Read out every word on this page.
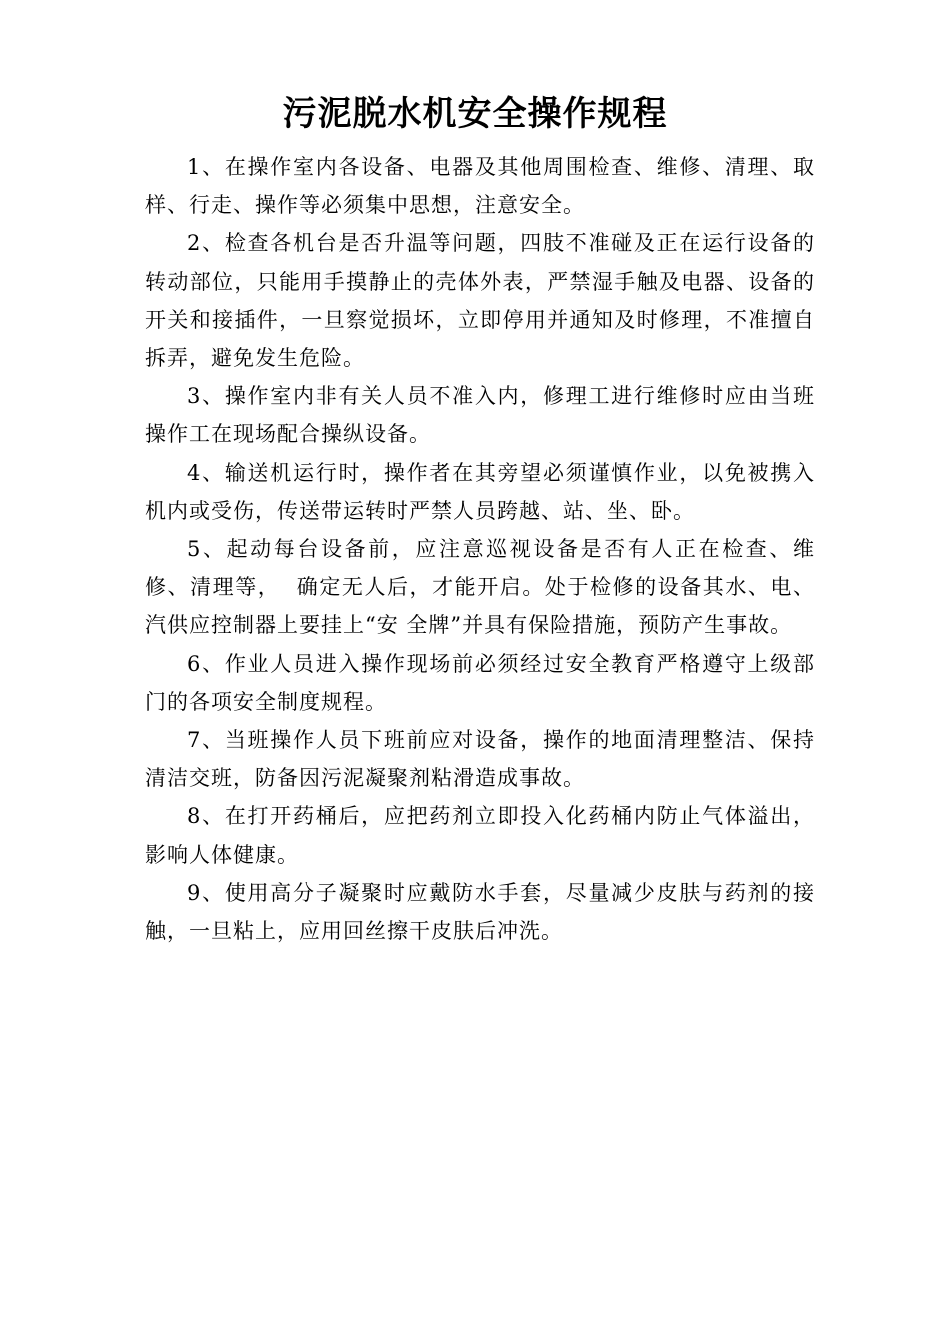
污泥脱水机安全操作规程

1、在操作室内各设备、电器及其他周围检查、维修、清理、取样、行走、操作等必须集中思想，注意安全。

2、检查各机台是否升温等问题，四肢不准碰及正在运行设备的转动部位，只能用手摸静止的壳体外表，严禁湿手触及电器、设备的开关和接插件，一旦察觉损坏，立即停用并通知及时修理，不准擅自拆弄，避免发生危险。

3、操作室内非有关人员不准入内，修理工进行维修时应由当班操作工在现场配合操纵设备。

4、输送机运行时，操作者在其旁望必须谨慎作业，以免被携入机内或受伤，传送带运转时严禁人员跨越、站、坐、卧。

5、起动每台设备前，应注意巡视设备是否有人正在检查、维修、清理等，  确定无人后，才能开启。处于检修的设备其水、电、汽供应控制器上要挂上“安 全牌”并具有保险措施，预防产生事故。

6、作业人员进入操作现场前必须经过安全教育严格遵守上级部门的各项安全制度规程。

7、当班操作人员下班前应对设备，操作的地面清理整洁、保持清洁交班，防备因污泥凝聚剂粘滑造成事故。

8、在打开药桶后，应把药剂立即投入化药桶内防止气体溢出，影响人体健康。

9、使用高分子凝聚时应戴防水手套，尽量减少皮肤与药剂的接触，一旦粘上，应用回丝擦干皮肤后冲洗。
